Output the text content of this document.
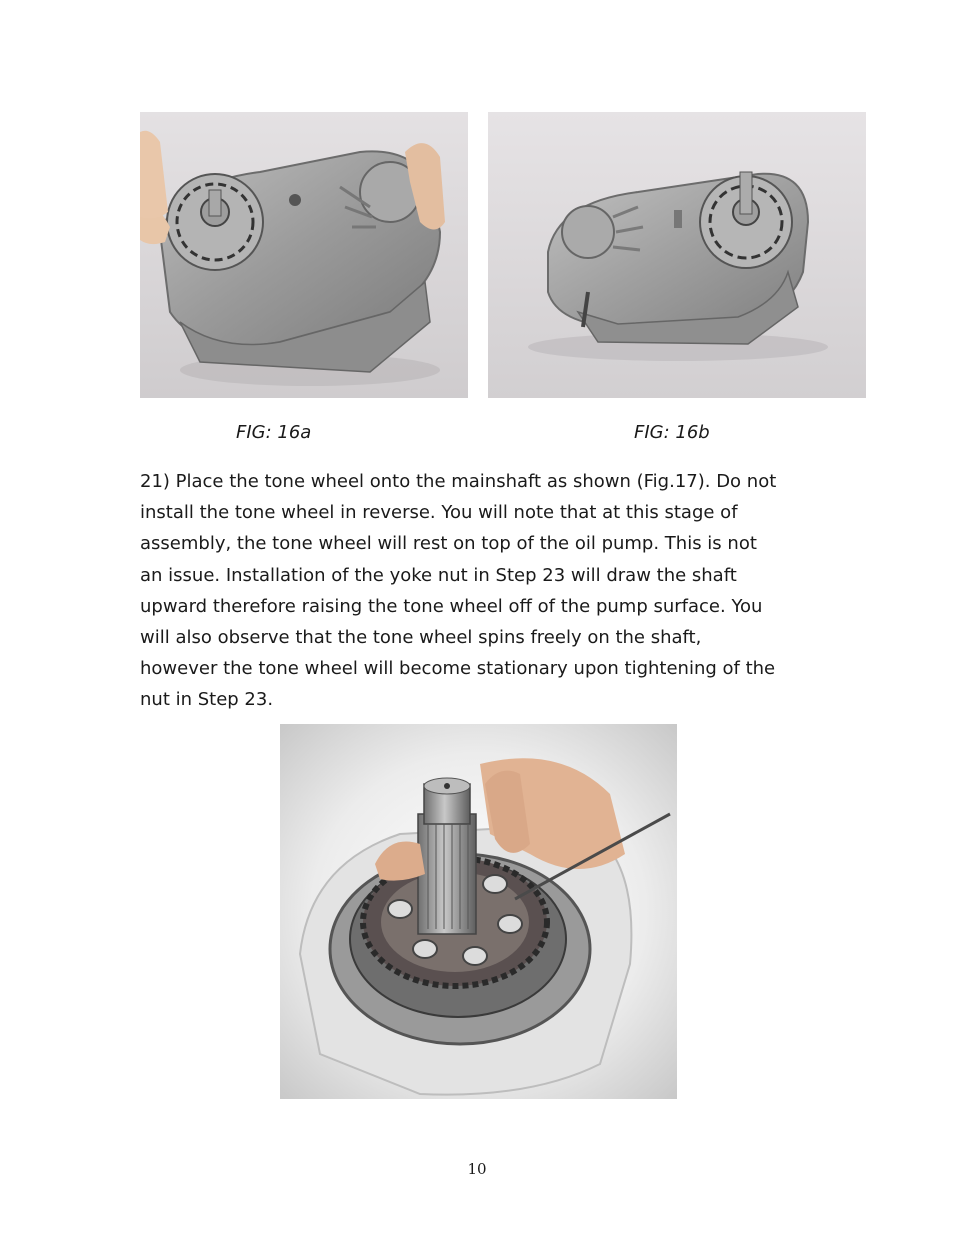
FIG: 16a	FIG: 16b
21) Place the tone wheel onto the mainshaft as shown (Fig.17). Do not
install the tone wheel in reverse. You will note that at this stage of
assembly, the tone wheel will rest on top of the oil pump. This is not
an issue. Installation of the yoke nut in Step 23 will draw the shaft
upward therefore raising the tone wheel off of the pump surface. You
will also observe that the tone wheel spins freely on the shaft,
however the tone wheel will become stationary upon tightening of the
nut in Step 23.
10
